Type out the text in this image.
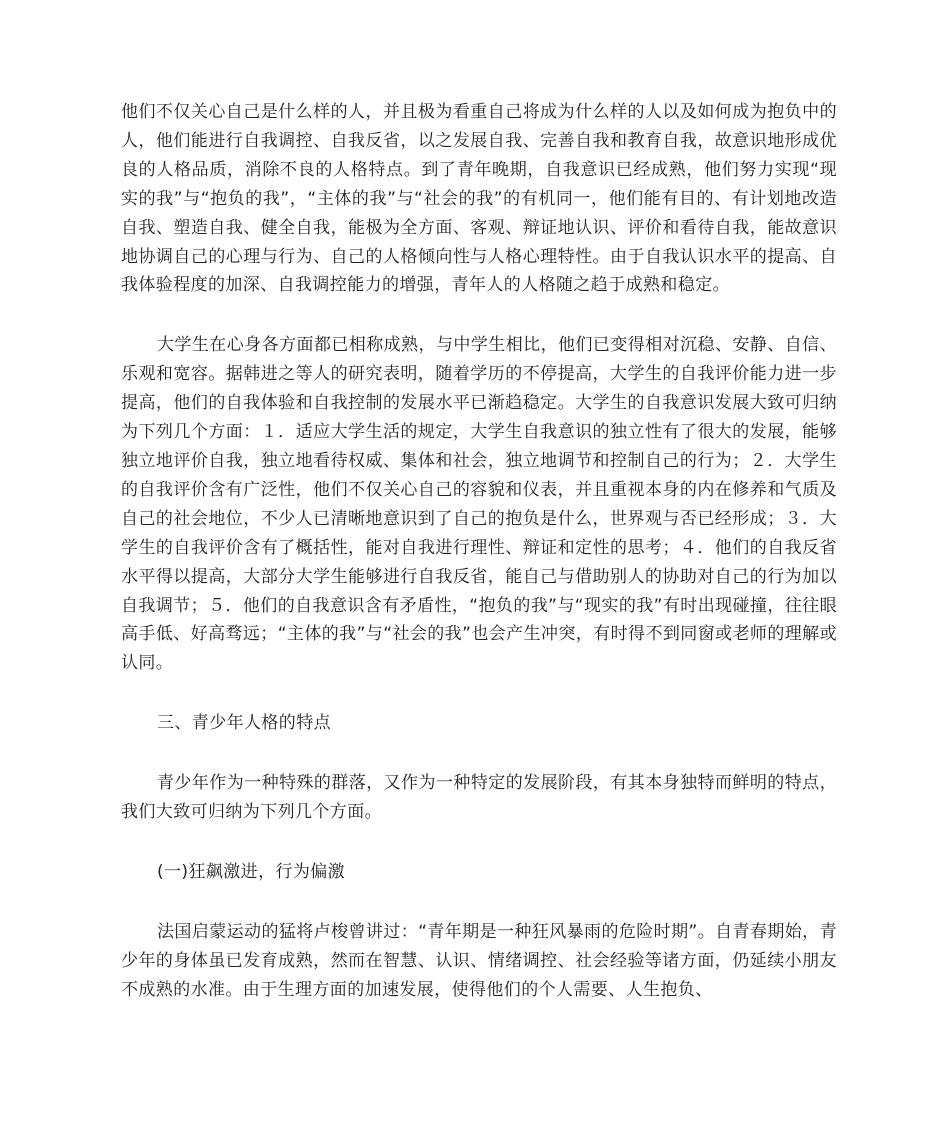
他们不仅关心自己是什么样的人，并且极为看重自己将成为什么样的人以及如何成为抱负中的人，他们能进行自我调控、自我反省，以之发展自我、完善自我和教育自我，故意识地形成优良的人格品质，消除不良的人格特点。到了青年晚期，自我意识已经成熟，他们努力实现“现实的我”与“抱负的我”，“主体的我”与“社会的我”的有机同一，他们能有目的、有计划地改造自我、塑造自我、健全自我，能极为全方面、客观、辩证地认识、评价和看待自我，能故意识地协调自己的心理与行为、自己的人格倾向性与人格心理特性。由于自我认识水平的提高、自我体验程度的加深、自我调控能力的增强，青年人的人格随之趋于成熟和稳定。

大学生在心身各方面都已相称成熟，与中学生相比，他们已变得相对沉稳、安静、自信、乐观和宽容。据韩进之等人的研究表明，随着学历的不停提高，大学生的自我评价能力进一步提高，他们的自我体验和自我控制的发展水平已渐趋稳定。大学生的自我意识发展大致可归纳为下列几个方面：１．适应大学生活的规定，大学生自我意识的独立性有了很大的发展，能够独立地评价自我，独立地看待权威、集体和社会，独立地调节和控制自己的行为；２．大学生的自我评价含有广泛性，他们不仅关心自己的容貌和仪表，并且重视本身的内在修养和气质及自己的社会地位，不少人已清晰地意识到了自己的抱负是什么，世界观与否已经形成；３．大学生的自我评价含有了概括性，能对自我进行理性、辩证和定性的思考；４．他们的自我反省水平得以提高，大部分大学生能够进行自我反省，能自己与借助别人的协助对自己的行为加以自我调节；５．他们的自我意识含有矛盾性，“抱负的我”与“现实的我”有时出现碰撞，往往眼高手低、好高骛远；“主体的我”与“社会的我”也会产生冲突，有时得不到同窗或老师的理解或认同。

三、青少年人格的特点

青少年作为一种特殊的群落，又作为一种特定的发展阶段，有其本身独特而鲜明的特点，我们大致可归纳为下列几个方面。

(一)狂飙激进，行为偏激

法国启蒙运动的猛将卢梭曾讲过：“青年期是一种狂风暴雨的危险时期”。自青春期始，青少年的身体虽已发育成熟，然而在智慧、认识、情绪调控、社会经验等诸方面，仍延续小朋友不成熟的水准。由于生理方面的加速发展，使得他们的个人需要、人生抱负、
